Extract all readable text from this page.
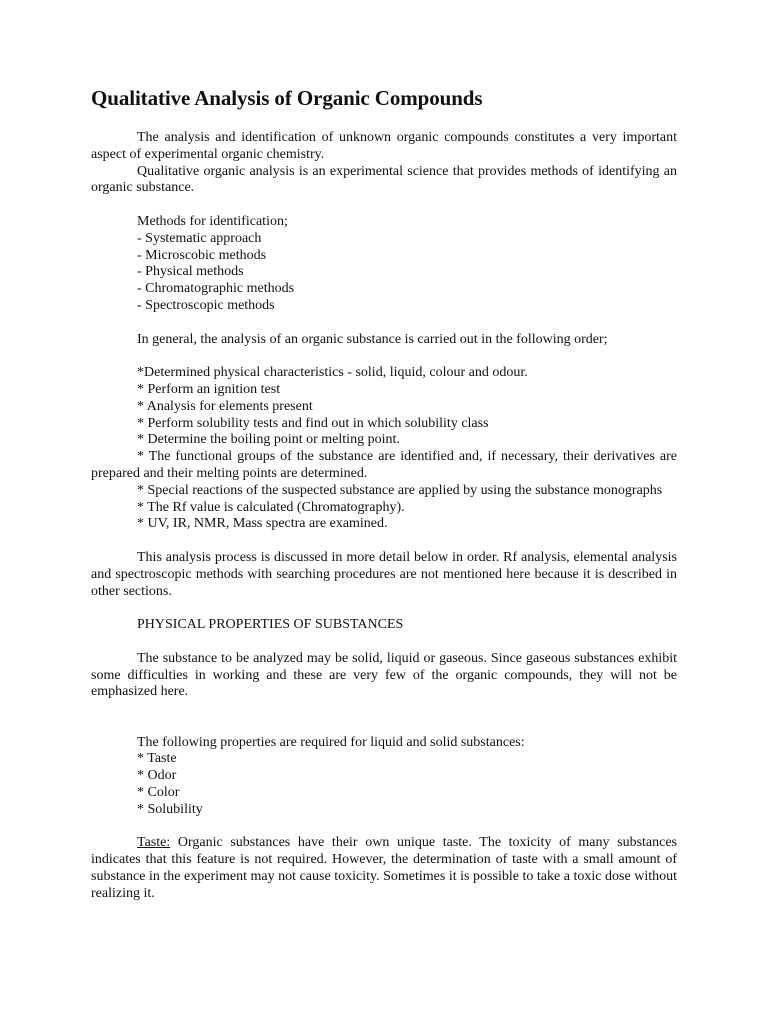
Qualitative Analysis of Organic Compounds

The analysis and identification of unknown organic compounds constitutes a very important aspect of experimental organic chemistry.

Qualitative organic analysis is an experimental science that provides methods of identifying an organic substance.

Methods for identification;
- Systematic approach
- Microscobic methods
- Physical methods
- Chromatographic methods
- Spectroscopic methods

In general, the analysis of an organic substance is carried out in the following order;

*Determined physical characteristics - solid, liquid, colour and odour.

* Perform an ignition test

* Analysis for elements present

* Perform solubility tests and find out in which solubility class

* Determine the boiling point or melting point.

* The functional groups of the substance are identified and, if necessary, their derivatives are prepared and their melting points are determined.

* Special reactions of the suspected substance are applied by using the substance monographs

* The Rf value is calculated (Chromatography).

* UV, IR, NMR, Mass spectra are examined.

This analysis process is discussed in more detail below in order. Rf analysis, elemental analysis and spectroscopic methods with searching procedures are not mentioned here because it is described in other sections.

PHYSICAL PROPERTIES OF SUBSTANCES

The substance to be analyzed may be solid, liquid or gaseous. Since gaseous substances exhibit some difficulties in working and these are very few of the organic compounds, they will not be emphasized here.

The following properties are required for liquid and solid substances:
* Taste
* Odor
* Color
* Solubility

Taste: Organic substances have their own unique taste. The toxicity of many substances indicates that this feature is not required. However, the determination of taste with a small amount of substance in the experiment may not cause toxicity. Sometimes it is possible to take a toxic dose without realizing it.
